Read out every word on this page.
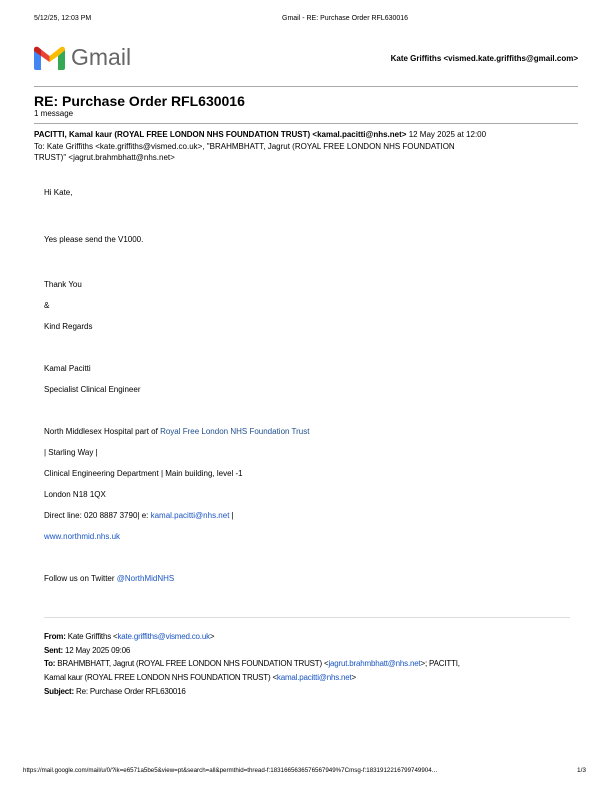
5/12/25, 12:03 PM	Gmail - RE: Purchase Order RFL630016
Gmail	Kate Griffiths <vismed.kate.griffiths@gmail.com>
RE: Purchase Order RFL630016
1 message
PACITTI, Kamal kaur (ROYAL FREE LONDON NHS FOUNDATION TRUST) <kamal.pacitti@nhs.net> 12 May 2025 at 12:00
To: Kate Griffiths <kate.griffiths@vismed.co.uk>, "BRAHMBHATT, Jagrut (ROYAL FREE LONDON NHS FOUNDATION
TRUST)" <jagrut.brahmbhatt@nhs.net>
Hi Kate,
Yes please send the V1000.
Thank You
&
Kind Regards
Kamal Pacitti
Specialist Clinical Engineer
North Middlesex Hospital part of Royal Free London NHS Foundation Trust
| Starling Way |
Clinical Engineering Department | Main building, level -1
London N18 1QX
Direct line: 020 8887 3790| e: kamal.pacitti@nhs.net |
www.northmid.nhs.uk
Follow us on Twitter @NorthMidNHS
From: Kate Griffiths <kate.griffiths@vismed.co.uk>
Sent: 12 May 2025 09:06
To: BRAHMBHATT, Jagrut (ROYAL FREE LONDON NHS FOUNDATION TRUST) <jagrut.brahmbhatt@nhs.net>; PACITTI,
Kamal kaur (ROYAL FREE LONDON NHS FOUNDATION TRUST) <kamal.pacitti@nhs.net>
Subject: Re: Purchase Order RFL630016
https://mail.google.com/mail/u/0/?ik=e6571a5be5&view=pt&search=all&permthid=thread-f:1831665636576567949%7Cmsg-f:1831912216799749904…	1/3
